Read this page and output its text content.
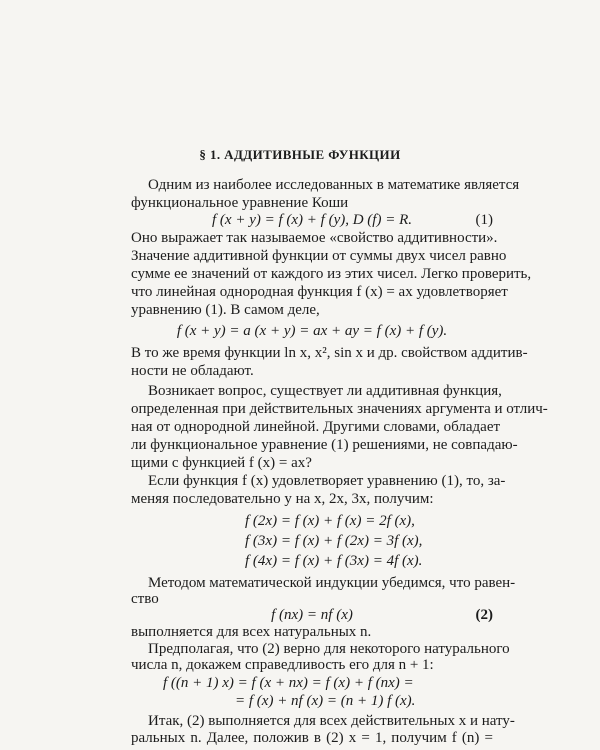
§ 1. АДДИТИВНЫЕ ФУНКЦИИ
Одним из наиболее исследованных в математике является
функциональное уравнение Коши
f (x + y) = f (x) + f (y), D (f) = R.	(1)
Оно выражает так называемое «свойство аддитивности».
Значение аддитивной функции от суммы двух чисел равно
сумме ее значений от каждого из этих чисел. Легко проверить,
что линейная однородная функция f (x) = ax удовлетворяет
уравнению (1). В самом деле,
f (x + y) = a (x + y) = ax + ay = f (x) + f (y).
В то же время функции ln x, x², sin x и др. свойством аддитив-
ности не обладают.
Возникает вопрос, существует ли аддитивная функция,
определенная при действительных значениях аргумента и отлич-
ная от однородной линейной. Другими словами, обладает
ли функциональное уравнение (1) решениями, не совпадаю-
щими с функцией f (x) = ax?
Если функция f (x) удовлетворяет уравнению (1), то, за-
меняя последовательно y на x, 2x, 3x, получим:
f (2x) = f (x) + f (x) = 2f (x),
f (3x) = f (x) + f (2x) = 3f (x),
f (4x) = f (x) + f (3x) = 4f (x).
Методом математической индукции убедимся, что равен-
ство
f (nx) = nf (x)	(2)
выполняется для всех натуральных n.
Предполагая, что (2) верно для некоторого натурального
числа n, докажем справедливость его для n + 1:
f ((n + 1) x) = f (x + nx) = f (x) + f (nx) =
= f (x) + nf (x) = (n + 1) f (x).
Итак, (2) выполняется для всех действительных x и нату-
ральных n. Далее, положив в (2) x = 1, получим f (n) =
